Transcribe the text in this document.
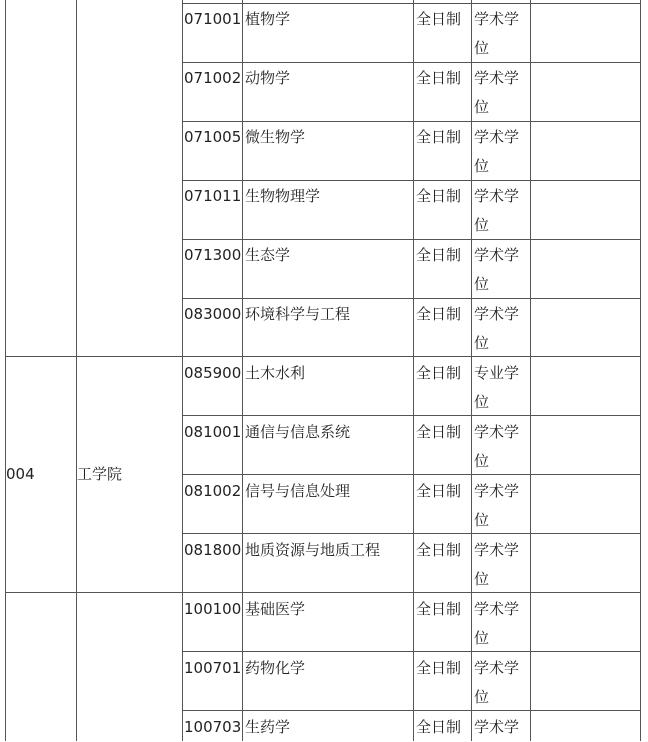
004	工学院
071001 植物学	全日制 学术学位
071002 动物学	全日制 学术学位
071005 微生物学	全日制 学术学位
071011 生物物理学	全日制 学术学位
071300 生态学	全日制 学术学位
083000 环境科学与工程	全日制 学术学位
085900 土木水利	全日制 专业学位
081001 通信与信息系统	全日制 学术学位
081002 信号与信息处理	全日制 学术学位
081800 地质资源与地质工程 全日制 学术学位
100100 基础医学	全日制 学术学位
100701 药物化学	全日制 学术学位
100703 生药学	全日制 学术学
